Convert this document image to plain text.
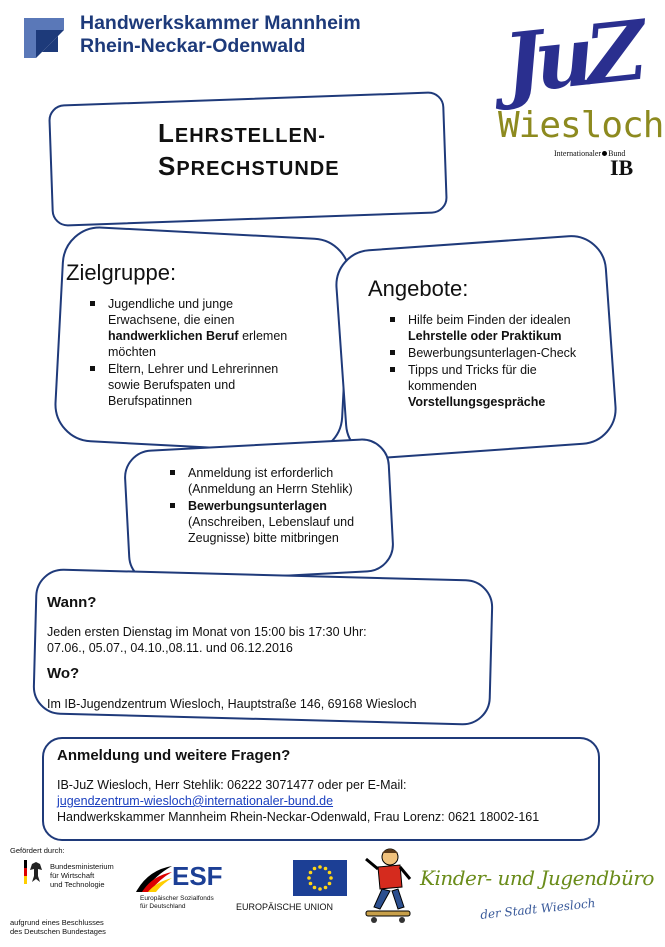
Handwerkskammer Mannheim
Rhein-Neckar-Odenwald JuZ
Wiesloch
Internationaler Bund
IB
LEHRSTELLEN-
SPRECHSTUNDE
Zielgruppe:
Jugendliche und junge Erwachsene, die einen handwerklichen Beruf erlemen möchten
Eltern, Lehrer und Lehrerinnen sowie Berufspaten und Berufspatinnen
Angebote:
Hilfe beim Finden der idealen Lehrstelle oder Praktikum
Bewerbungsunterlagen-Check
Tipps und Tricks für die kommenden Vorstellungsgespräche
Anmeldung ist erforderlich (Anmeldung an Herrn Stehlik)
Bewerbungsunterlagen (Anschreiben, Lebenslauf und Zeugnisse) bitte mitbringen
Wann?
Jeden ersten Dienstag im Monat von 15:00 bis 17:30 Uhr:
07.06., 05.07., 04.10.,08.11. und 06.12.2016
Wo?
Im IB-Jugendzentrum Wiesloch, Hauptstraße 146, 69168 Wiesloch
Anmeldung und weitere Fragen?
IB-JuZ Wiesloch, Herr Stehlik: 06222 3071477 oder per E-Mail:
jugendzentrum-wiesloch@internationaler-bund.de
Handwerkskammer Mannheim Rhein-Neckar-Odenwald, Frau Lorenz: 0621 18002-161
Gefördert durch:
Bundesministerium
für Wirtschaft
und Technologie
aufgrund eines Beschlusses
des Deutschen Bundestages
ESF
Europäischer Sozialfonds
für Deutschland	EUROPÄISCHE UNION
Kinder- und Jugendbüro
der Stadt Wiesloch
